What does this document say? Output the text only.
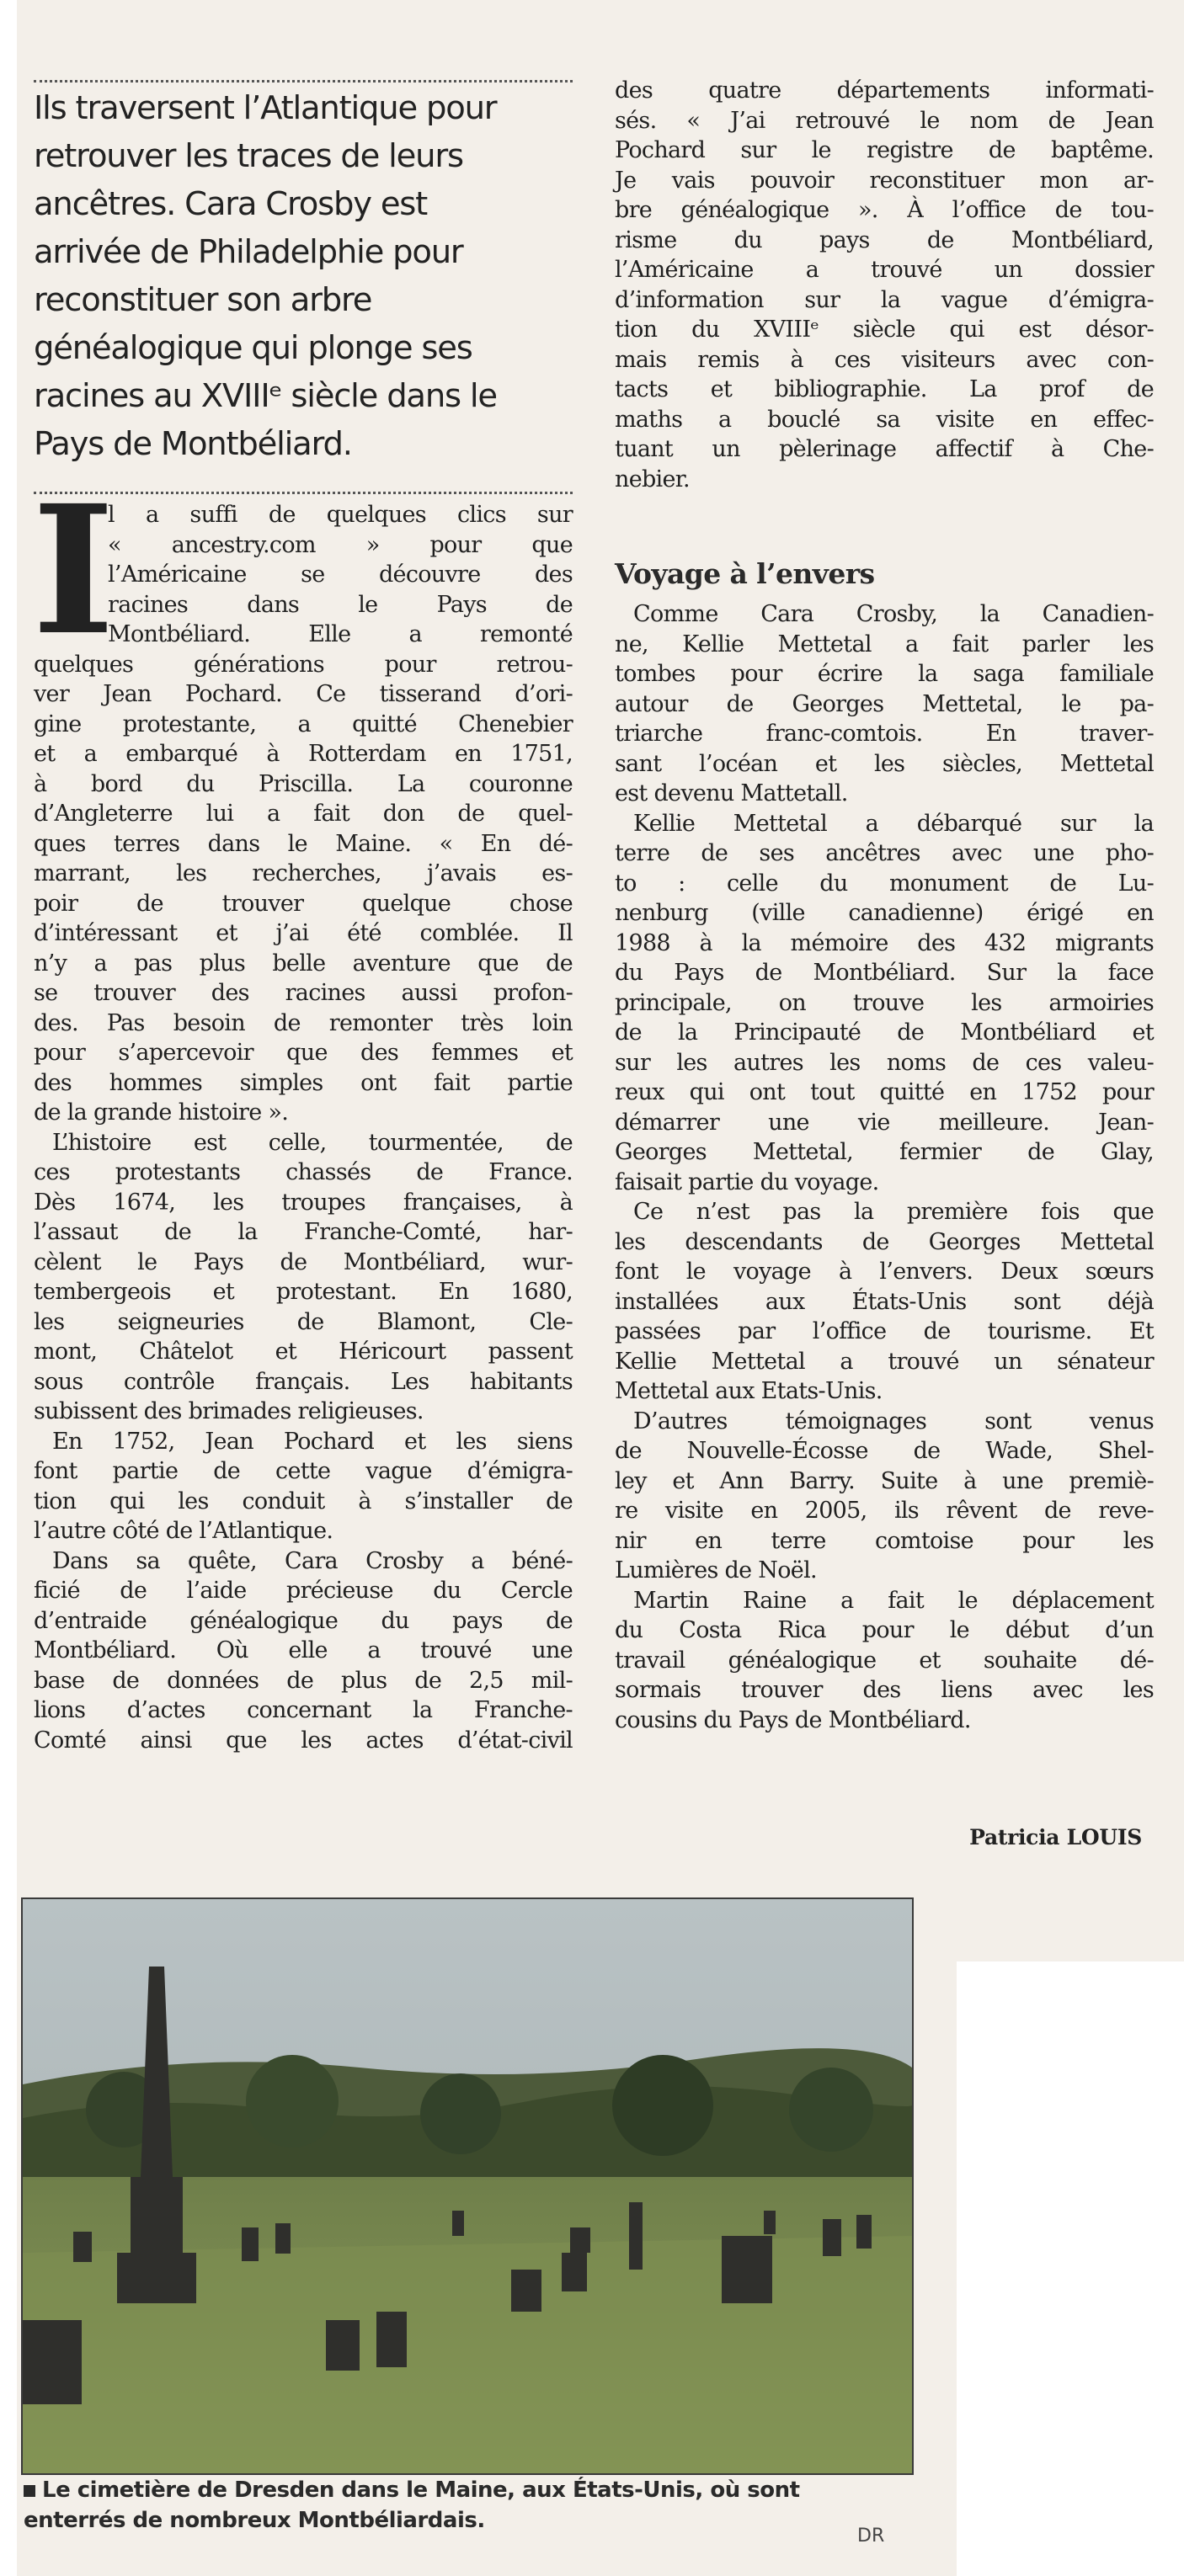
Ils traversent l’Atlantique pour
retrouver les traces de leurs
ancêtres. Cara Crosby est
arrivée de Philadelphie pour
reconstituer son arbre
généalogique qui plonge ses
racines au XVIIIᵉ siècle dans le
Pays de Montbéliard.
I
l a suffi de quelques clics sur
« ancestry.com » pour que
l’Américaine se découvre des
racines dans le Pays de
Montbéliard. Elle a remonté
quelques générations pour retrou-
ver Jean Pochard. Ce tisserand d’ori-
gine protestante, a quitté Chenebier
et a embarqué à Rotterdam en 1751,
à bord du Priscilla. La couronne
d’Angleterre lui a fait don de quel-
ques terres dans le Maine. « En dé-
marrant, les recherches, j’avais es-
poir de trouver quelque chose
d’intéressant et j’ai été comblée. Il
n’y a pas plus belle aventure que de
se trouver des racines aussi profon-
des. Pas besoin de remonter très loin
pour s’apercevoir que des femmes et
des hommes simples ont fait partie
de la grande histoire ».
L’histoire est celle, tourmentée, de
ces protestants chassés de France.
Dès 1674, les troupes françaises, à
l’assaut de la Franche-Comté, har-
cèlent le Pays de Montbéliard, wur-
tembergeois et protestant. En 1680,
les seigneuries de Blamont, Cle-
mont, Châtelot et Héricourt passent
sous contrôle français. Les habitants
subissent des brimades religieuses.
En 1752, Jean Pochard et les siens
font partie de cette vague d’émigra-
tion qui les conduit à s’installer de
l’autre côté de l’Atlantique.
Dans sa quête, Cara Crosby a béné-
ficié de l’aide précieuse du Cercle
d’entraide généalogique du pays de
Montbéliard. Où elle a trouvé une
base de données de plus de 2,5 mil-
lions d’actes concernant la Franche-
Comté ainsi que les actes d’état-civil
des quatre départements informati-
sés. « J’ai retrouvé le nom de Jean
Pochard sur le registre de baptême.
Je vais pouvoir reconstituer mon ar-
bre généalogique ». À l’office de tou-
risme du pays de Montbéliard,
l’Américaine a trouvé un dossier
d’information sur la vague d’émigra-
tion du XVIIIᵉ siècle qui est désor-
mais remis à ces visiteurs avec con-
tacts et bibliographie. La prof de
maths a bouclé sa visite en effec-
tuant un pèlerinage affectif à Che-
nebier.
Voyage à l’envers
Comme Cara Crosby, la Canadien-
ne, Kellie Mettetal a fait parler les
tombes pour écrire la saga familiale
autour de Georges Mettetal, le pa-
triarche franc-comtois. En traver-
sant l’océan et les siècles, Mettetal
est devenu Mattetall.
Kellie Mettetal a débarqué sur la
terre de ses ancêtres avec une pho-
to : celle du monument de Lu-
nenburg (ville canadienne) érigé en
1988 à la mémoire des 432 migrants
du Pays de Montbéliard. Sur la face
principale, on trouve les armoiries
de la Principauté de Montbéliard et
sur les autres les noms de ces valeu-
reux qui ont tout quitté en 1752 pour
démarrer une vie meilleure. Jean-
Georges Mettetal, fermier de Glay,
faisait partie du voyage.
Ce n’est pas la première fois que
les descendants de Georges Mettetal
font le voyage à l’envers. Deux sœurs
installées aux États-Unis sont déjà
passées par l’office de tourisme. Et
Kellie Mettetal a trouvé un sénateur
Mettetal aux Etats-Unis.
D’autres témoignages sont venus
de Nouvelle-Écosse de Wade, Shel-
ley et Ann Barry. Suite à une premiè-
re visite en 2005, ils rêvent de reve-
nir en terre comtoise pour les
Lumières de Noël.
Martin Raine a fait le déplacement
du Costa Rica pour le début d’un
travail généalogique et souhaite dé-
sormais trouver des liens avec les
cousins du Pays de Montbéliard.
Patricia LOUIS
Le cimetière de Dresden dans le Maine, aux États-Unis, où sont
enterrés de nombreux Montbéliardais.
DR
